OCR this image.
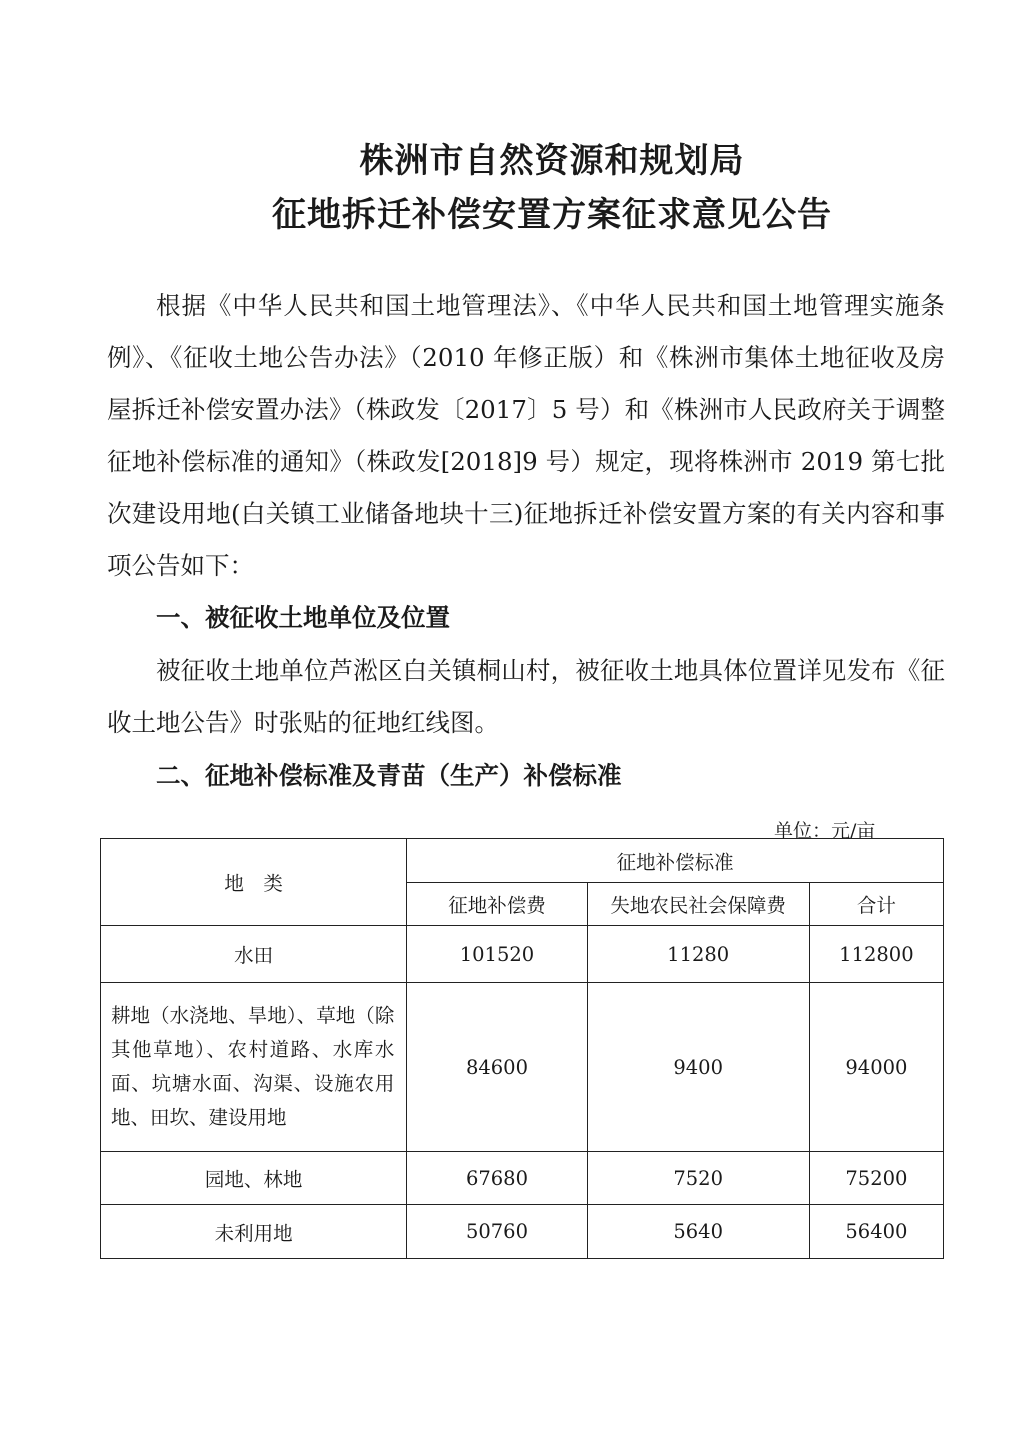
株洲市自然资源和规划局
征地拆迁补偿安置方案征求意见公告

根据《中华人民共和国土地管理法》、《中华人民共和国土地管理实施条例》、《征收土地公告办法》（2010 年修正版）和《株洲市集体土地征收及房屋拆迁补偿安置办法》（株政发〔2017〕5 号）和《株洲市人民政府关于调整征地补偿标准的通知》（株政发[2018]9 号）规定，现将株洲市 2019 第七批次建设用地(白关镇工业储备地块十三)征地拆迁补偿安置方案的有关内容和事项公告如下：

一、被征收土地单位及位置

被征收土地单位芦淞区白关镇桐山村，被征收土地具体位置详见发布《征收土地公告》时张贴的征地红线图。

二、征地补偿标准及青苗（生产）补偿标准
单位：元/亩
地　类	征地补偿标准		
	征地补偿费	失地农民社会保障费	合计
水田	101520	11280	112800
耕地（水浇地、旱地）、草地（除其他草地）、农村道路、水库水面、坑塘水面、沟渠、设施农用地、田坎、建设用地	84600	9400	94000
园地、林地	67680	7520	75200
未利用地	50760	5640	56400
